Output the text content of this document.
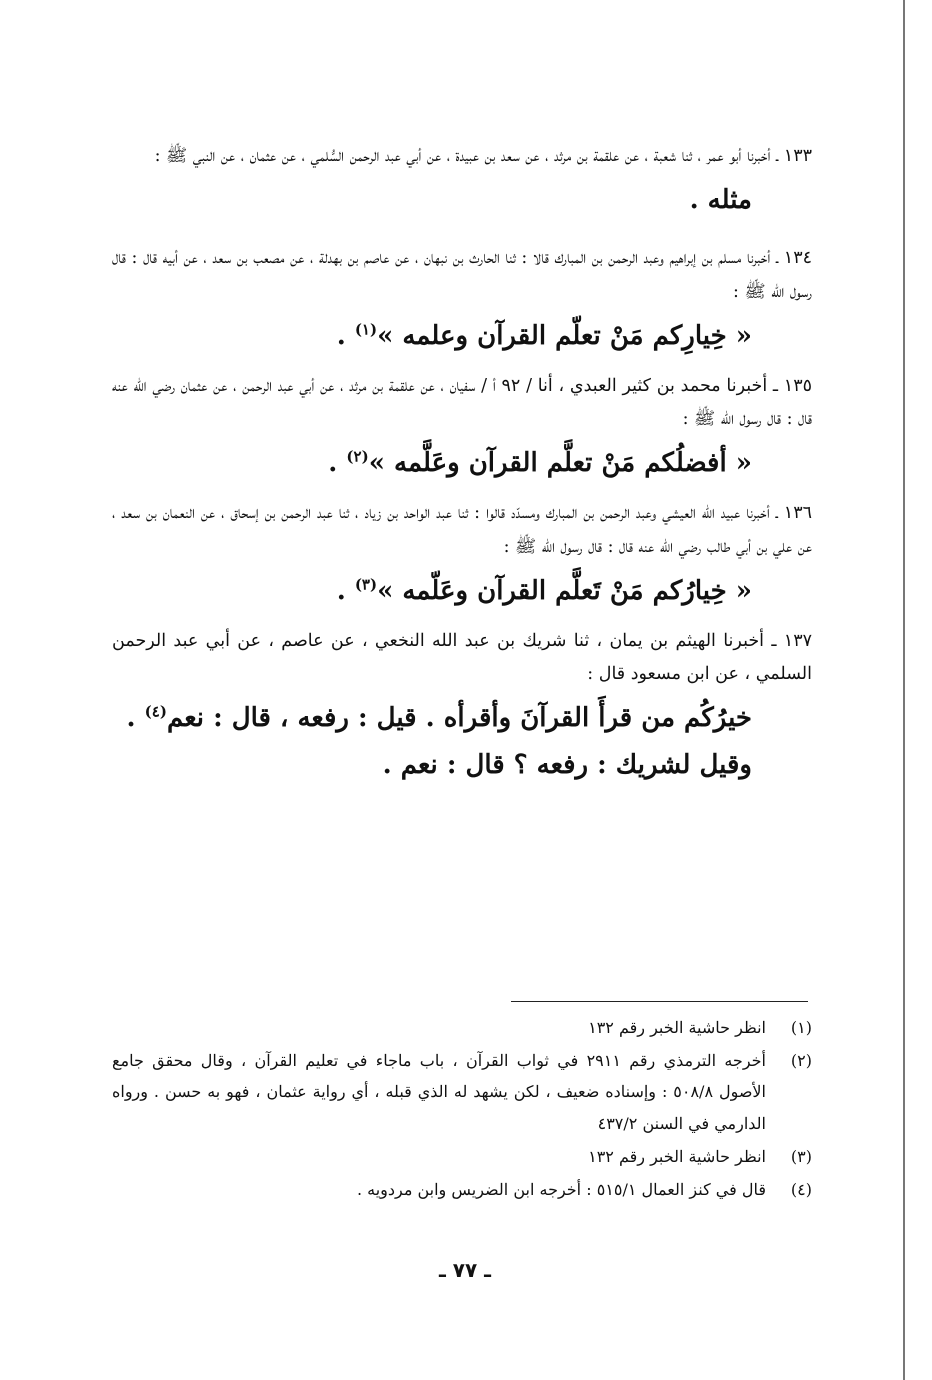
١٣٣ ـ أخبرنا أبو عمر ، ثنا شعبة ، عن علقمة بن مرثد ، عن سعد بن عبيدة ، عن أبي عبد الرحمن السُّلمي ، عن عثمان ، عن النبي ﷺ :

مثله .

١٣٤ ـ أخبرنا مسلم بن إبراهيم وعبد الرحمن بن المبارك قالا : ثنا الحارث بن نبهان ، عن عاصم بن بهدلة ، عن مصعب بن سعد ، عن أبيه قال : قال رسول الله ﷺ :

« خِيارِكم مَنْ تعلّم القرآن وعلمه »$^{(١)}$ .

١٣٥ ـ أخبرنا محمد بن كثير العبدي ، أنا / ٩٢ أ / سفيان ، عن علقمة بن مرثد ، عن أبي عبد الرحمن ، عن عثمان رضي الله عنه قال : قال رسول الله ﷺ :

« أفضلُكم مَنْ تعلَّم القرآن وعَلَّمه »$^{(٢)}$ .

١٣٦ ـ أخبرنا عبيد الله العيشي وعبد الرحمن بن المبارك ومسدّد قالوا : ثنا عبد الواحد بن زياد ، ثنا عبد الرحمن بن إسحاق ، عن النعمان بن سعد ، عن علي بن أبي طالب رضي الله عنه قال : قال رسول الله ﷺ :

« خِيارُكم مَنْ تَعلَّم القرآن وعَلّمه »$^{(٣)}$ .

١٣٧ ـ أخبرنا الهيثم بن يمان ، ثنا شريك بن عبد الله النخعي ، عن عاصم ، عن أبي عبد الرحمن السلمي ، عن ابن مسعود قال :

خيرُكُم من قرأَ القرآنَ وأقرأه . قيل : رفعه ، قال : نعم$^{(٤)}$ .
وقيل لشريك : رفعه ؟ قال : نعم .
(١)
انظر حاشية الخبر رقم ١٣٢
(٢)
أخرجه الترمذي رقم ٢٩١١ في ثواب القرآن ، باب ماجاء في تعليم القرآن ، وقال محقق جامع الأصول ٥٠٨/٨ : وإسناده ضعيف ، لكن يشهد له الذي قبله ، أي رواية عثمان ، فهو به حسن . ورواه الدارمي في السنن ٤٣٧/٢
(٣)
انظر حاشية الخبر رقم ١٣٢
(٤)
قال في كنز العمال ٥١٥/١ : أخرجه ابن الضريس وابن مردويه .
ـ ٧٧ ـ
